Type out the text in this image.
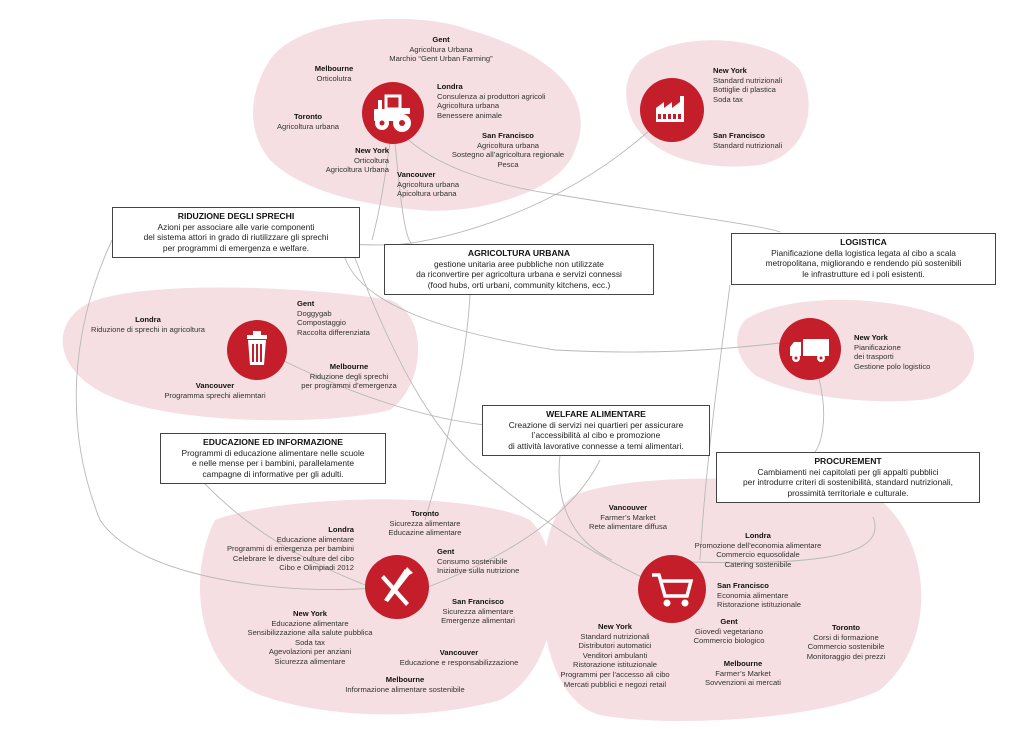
Gent
Agricoltura Urbana
Marchio “Gent Urban Farming”
Melbourne
Orticolutra
Londra
Consulenza ai produttori agricoli
Agricoltura urbana
Benessere animale
Toronto
Agricoltura urbana
San Francisco
Agricoltura urbana
Sostegno all’agricoltura regionale
Pesca
New York
Orticoltura
Agricoltura Urbana
Vancouver
Agricoltura urbana
Apicoltura urbana
New York
Standard nutrizionali
Bottiglie di plastica
Soda tax
San Francisco
Standard nutrizionali
Gent
Doggygab
Compostaggio
Raccolta differenziata
Londra
Riduzione di sprechi in agricoltura
Melbourne
Riduzione degli sprechi
per programmi d’emergenza
Vancouver
Programma sprechi aliemntari
New York
Pianificazione
dei trasporti
Gestione polo logistico
Toronto
Sicurezza alimentare
Educazine alimentare
Londra
Educazione alimentare
Programmi di emergenza per bambini
Celebrare le diverse culture del cibo
Cibo e Olimpiadi 2012
Gent
Consumo sostenibile
Iniziative sulla nutrizione
San Francisco
Sicurezza alimentare
Emergenze alimentari
New York
Educazione alimentare
Sensibilizzazione alla salute pubblica
Soda tax
Agevolazioni per anziani
Sicurezza alimentare
Vancouver
Educazione e responsabilizzazione
Melbourne
Informazione alimentare sostenibile
Vancouver
Farmer’s Market
Rete alimentare diffusa
Londra
Promozione dell’economia alimentare
Commercio equosolidale
Catering sostenibile
San Francisco
Economia alimentare
Ristorazione istituzionale
New York
Standard nutrizionali
Distributori automatici
Venditori ambulanti
Ristorazione istituzionale
Programmi per l’accesso ali cibo
Mercati pubblici e negozi retail
Gent
Giovedì vegetariano
Commercio biologico
Toronto
Corsi di formazione
Commercio sostenibile
Monitoraggio dei prezzi
Melbourne
Farmer’s Market
Sovvenzioni ai mercati
RIDUZIONE DEGLI SPRECHI
Azioni per associare alle varie componenti
del sistema attori in grado di riutilizzare gli sprechi
per programmi di emergenza e welfare.
AGRICOLTURA URBANA
gestione unitaria aree pubbliche non utilizzate
da riconvertire per agricoltura urbana e servizi connessi
(food hubs, orti urbani, community kitchens, ecc.)
LOGISTICA
Pianificazione della logistica legata al cibo a scala
metropolitana, migliorando e rendendo più sostenibili
le infrastrutture ed i poli esistenti.
WELFARE ALIMENTARE
Creazione di servizi nei quartieri per assicurare
l’accessibilità al cibo e promozione
di attività lavorative connesse a temi alimentari.
EDUCAZIONE ED INFORMAZIONE
Programmi di educazione alimentare nelle scuole
e nelle mense per i bambini, parallelamente
campagne di informative per gli adulti.
PROCUREMENT
Cambiamenti nei capitolati per gli appalti pubblici
per introdurre criteri di sostenibilità, standard nutrizionali,
prossimità territoriale e culturale.
